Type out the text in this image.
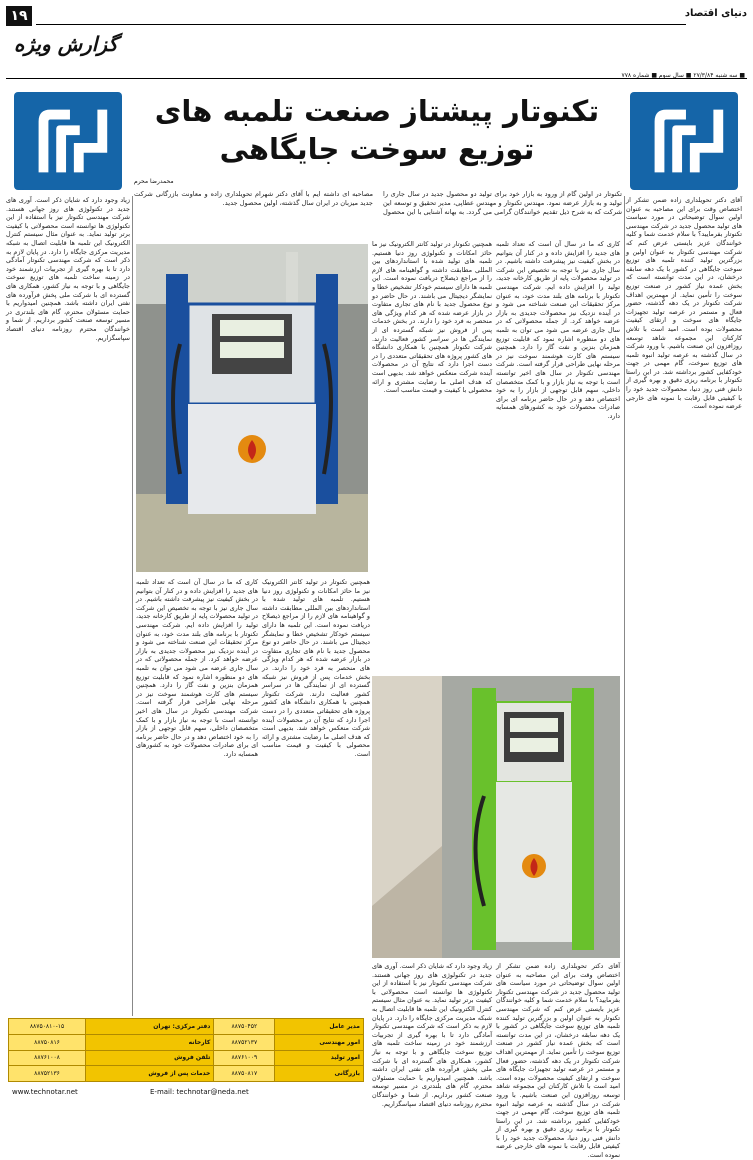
۱۹	دنیای اقتصاد
گزارش ویژه
■ سه شنبه ۲۷/۳/۸۴ ■ سال سوم ■ شماره ۷۷۸
تکنوتار پیشتاز صنعت تلمبه های
توزیع سوخت جایگاهی
محمدرضا محرم
تکنوتار در اولین گام از ورود به بازار خود برای تولید دو محصول جدید در سال جاری را تولید و به بازار عرضه نمود. مهندس تکنوتار و مهندس عطاپی، مدیر تحقیق و توسعه این شرکت که به شرح ذیل تقدیم خوانندگان گرامی می گردد. به بهانه آشنایی با این محصول مصاحبه ای داشته ایم با آقای دکتر شهرام تحویلداری زاده و معاونت بازرگانی شرکت جدید میزبان در ایران سال گذشته، اولین محصول جدید.	آقای دکتر تحویلداری زاده ضمن تشکر از اختصاص وقت برای این مصاحبه به عنوان اولین سوال توضیحاتی در مورد سیاست های تولید محصول جدید در شرکت مهندسی تکنوتار بفرمایید؟ با سلام خدمت شما و کلیه خوانندگان عزیز بایستی عرض کنم که شرکت مهندسی تکنوتار به عنوان اولین و بزرگترین تولید کننده تلمبه های توزیع سوخت جایگاهی در کشور با یک دهه سابقه درخشان، در این مدت توانسته است که بخش عمده نیاز کشور در صنعت توزیع سوخت را تأمین نماید. از مهمترین اهداف شرکت تکنوتار در یک دهه گذشته، حضور فعال و مستمر در عرصه تولید تجهیزات جایگاه های سوخت و ارتقای کیفیت محصولات بوده است. امید است با تلاش کارکنان این مجموعه شاهد توسعه روزافزون این صنعت باشیم. با ورود شرکت در سال گذشته به عرصه تولید انبوه تلمبه های توزیع سوخت، گام مهمی در جهت خودکفایی کشور برداشته شد. در این راستا تکنوتار با برنامه ریزی دقیق و بهره گیری از دانش فنی روز دنیا، محصولات جدید خود را با کیفیتی قابل رقابت با نمونه های خارجی عرضه نموده است.
کاری که ما در سال آن است که تعداد تلمبه های جدید را افزایش داده و در کنار آن بتوانیم در بخش کیفیت نیز پیشرفت داشته باشیم. در سال جاری نیز با توجه به تخصیص این شرکت در تولید محصولات پایه از طریق کارخانه جدید، تولید را افزایش داده ایم. شرکت مهندسی تکنوتار با برنامه های بلند مدت خود، به عنوان مرکز تحقیقات این صنعت شناخته می شود و در آینده نزدیک نیز محصولات جدیدی به بازار عرضه خواهد کرد. از جمله محصولاتی که در سال جاری عرضه می شود می توان به تلمبه های دو منظوره اشاره نمود که قابلیت توزیع همزمان بنزین و نفت گاز را دارد. همچنین سیستم های کارت هوشمند سوخت نیز در مرحله نهایی طراحی قرار گرفته است. شرکت مهندسی تکنوتار در سال های اخیر توانسته است با توجه به نیاز بازار و با کمک متخصصان داخلی، سهم قابل توجهی از بازار را به خود اختصاص دهد و در حال حاضر برنامه ای برای صادرات محصولات خود به کشورهای همسایه دارد.
همچنین تکنوتار در تولید کانتر الکترونیک نیز ما حائز امکانات و تکنولوژی روز دنیا هستیم. تلمبه های تولید شده با استانداردهای بین المللی مطابقت داشته و گواهینامه های لازم را از مراجع ذیصلاح دریافت نموده است. این تلمبه ها دارای سیستم خودکار تشخیص خطا و نمایشگر دیجیتال می باشند. در حال حاضر دو نوع محصول جدید با نام های تجاری متفاوت در بازار عرضه شده که هر کدام ویژگی های منحصر به فرد خود را دارند. در بخش خدمات پس از فروش نیز شبکه گسترده ای از نمایندگی ها در سراسر کشور فعالیت دارند. شرکت تکنوتار همچنین با همکاری دانشگاه های کشور پروژه های تحقیقاتی متعددی را در دست اجرا دارد که نتایج آن در محصولات آینده شرکت منعکس خواهد شد. بدیهی است که هدف اصلی ما رضایت مشتری و ارائه محصولی با کیفیت و قیمت مناسب است.
زیاد وجود دارد که شایان ذکر است. آوری های جدید در تکنولوژی های روز جهانی هستند. شرکت مهندسی تکنوتار نیز با استفاده از این تکنولوژی ها توانسته است محصولاتی با کیفیت برتر تولید نماید. به عنوان مثال سیستم کنترل الکترونیک این تلمبه ها قابلیت اتصال به شبکه مدیریت مرکزی جایگاه را دارد. در پایان لازم به ذکر است که شرکت مهندسی تکنوتار آمادگی دارد تا با بهره گیری از تجربیات ارزشمند خود در زمینه ساخت تلمبه های توزیع سوخت جایگاهی و با توجه به نیاز کشور، همکاری های گسترده ای با شرکت ملی پخش فرآورده های نفتی ایران داشته باشد. همچنین امیدواریم با حمایت مسئولان محترم، گام های بلندتری در مسیر توسعه صنعت کشور برداریم. از شما و خوانندگان محترم روزنامه دنیای اقتصاد سپاسگزاریم.
همچنین تکنوتار در تولید کانتر الکترونیک نیز ما حائز امکانات و تکنولوژی روز دنیا هستیم. تلمبه های تولید شده با استانداردهای بین المللی مطابقت داشته و گواهینامه های لازم را از مراجع ذیصلاح دریافت نموده است. این تلمبه ها دارای سیستم خودکار تشخیص خطا و نمایشگر دیجیتال می باشند. در حال حاضر دو نوع محصول جدید با نام های تجاری متفاوت در بازار عرضه شده که هر کدام ویژگی های منحصر به فرد خود را دارند. در بخش خدمات پس از فروش نیز شبکه گسترده ای از نمایندگی ها در سراسر کشور فعالیت دارند. شرکت تکنوتار همچنین با همکاری دانشگاه های کشور پروژه های تحقیقاتی متعددی را در دست اجرا دارد که نتایج آن در محصولات آینده شرکت منعکس خواهد شد. بدیهی است که هدف اصلی ما رضایت مشتری و ارائه محصولی با کیفیت و قیمت مناسب است.
کاری که ما در سال آن است که تعداد تلمبه های جدید را افزایش داده و در کنار آن بتوانیم در بخش کیفیت نیز پیشرفت داشته باشیم. در سال جاری نیز با توجه به تخصیص این شرکت در تولید محصولات پایه از طریق کارخانه جدید، تولید را افزایش داده ایم. شرکت مهندسی تکنوتار با برنامه های بلند مدت خود، به عنوان مرکز تحقیقات این صنعت شناخته می شود و در آینده نزدیک نیز محصولات جدیدی به بازار عرضه خواهد کرد. از جمله محصولاتی که در سال جاری عرضه می شود می توان به تلمبه های دو منظوره اشاره نمود که قابلیت توزیع همزمان بنزین و نفت گاز را دارد. همچنین سیستم های کارت هوشمند سوخت نیز در مرحله نهایی طراحی قرار گرفته است. شرکت مهندسی تکنوتار در سال های اخیر توانسته است با توجه به نیاز بازار و با کمک متخصصان داخلی، سهم قابل توجهی از بازار را به خود اختصاص دهد و در حال حاضر برنامه ای برای صادرات محصولات خود به کشورهای همسایه دارد.
آقای دکتر تحویلداری زاده ضمن تشکر از اختصاص وقت برای این مصاحبه به عنوان اولین سوال توضیحاتی در مورد سیاست های تولید محصول جدید در شرکت مهندسی تکنوتار بفرمایید؟ با سلام خدمت شما و کلیه خوانندگان عزیز بایستی عرض کنم که شرکت مهندسی تکنوتار به عنوان اولین و بزرگترین تولید کننده تلمبه های توزیع سوخت جایگاهی در کشور با یک دهه سابقه درخشان، در این مدت توانسته است که بخش عمده نیاز کشور در صنعت توزیع سوخت را تأمین نماید. از مهمترین اهداف شرکت تکنوتار در یک دهه گذشته، حضور فعال و مستمر در عرصه تولید تجهیزات جایگاه های سوخت و ارتقای کیفیت محصولات بوده است. امید است با تلاش کارکنان این مجموعه شاهد توسعه روزافزون این صنعت باشیم. با ورود شرکت در سال گذشته به عرصه تولید انبوه تلمبه های توزیع سوخت، گام مهمی در جهت خودکفایی کشور برداشته شد. در این راستا تکنوتار با برنامه ریزی دقیق و بهره گیری از دانش فنی روز دنیا، محصولات جدید خود را با کیفیتی قابل رقابت با نمونه های خارجی عرضه نموده است.
زیاد وجود دارد که شایان ذکر است. آوری های جدید در تکنولوژی های روز جهانی هستند. شرکت مهندسی تکنوتار نیز با استفاده از این تکنولوژی ها توانسته است محصولاتی با کیفیت برتر تولید نماید. به عنوان مثال سیستم کنترل الکترونیک این تلمبه ها قابلیت اتصال به شبکه مدیریت مرکزی جایگاه را دارد. در پایان لازم به ذکر است که شرکت مهندسی تکنوتار آمادگی دارد تا با بهره گیری از تجربیات ارزشمند خود در زمینه ساخت تلمبه های توزیع سوخت جایگاهی و با توجه به نیاز کشور، همکاری های گسترده ای با شرکت ملی پخش فرآورده های نفتی ایران داشته باشد. همچنین امیدواریم با حمایت مسئولان محترم، گام های بلندتری در مسیر توسعه صنعت کشور برداریم. از شما و خوانندگان محترم روزنامه دنیای اقتصاد سپاسگزاریم.
۸۸۷۵۰۸۱۰-۱۵	دفتر مرکزی: تهران	۸۸۷۵۰۴۵۲	مدیر عامل
۸۸۷۵۰۸۱۶	کارخانه	۸۸۷۵۲۱۳۷	امور مهندسی
۸۸۷۶۱۰۰۸	تلفن فروش	۸۸۷۶۱۰۰۹	امور تولید
۸۸۷۵۲۱۳۶	خدمات پس از فروش	۸۸۷۵۰۸۱۷	بازرگانی
E-mail: technotar@neda.net
www.technotar.net
